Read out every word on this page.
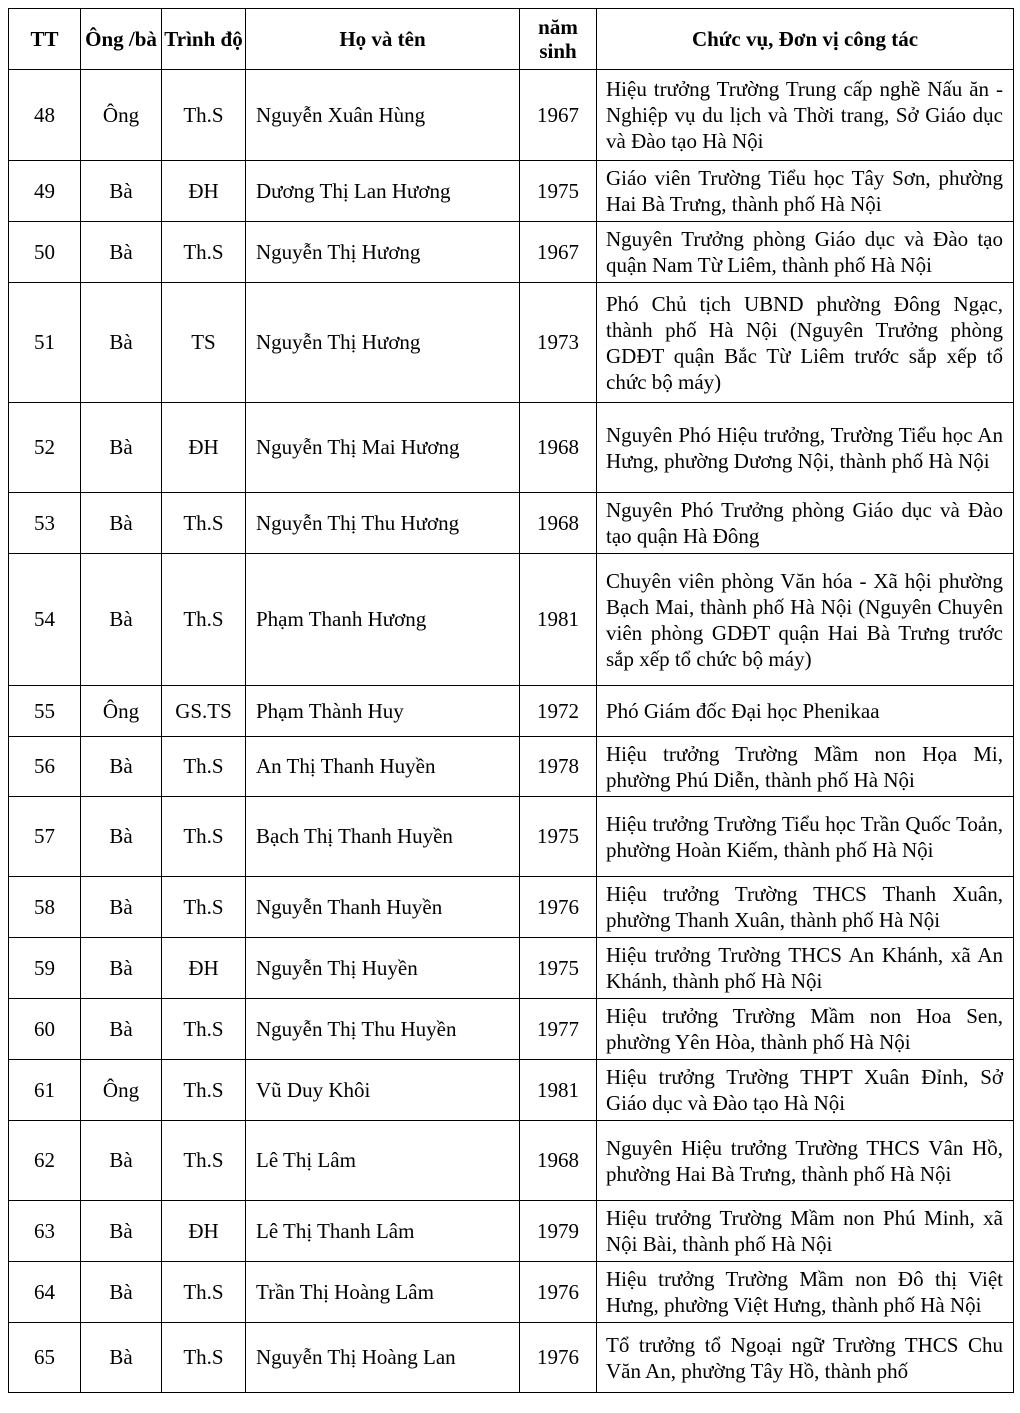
TT	Ông /bà	Trình độ	Họ và tên	năm sinh	Chức vụ, Đơn vị công tác
48	Ông	Th.S	Nguyễn Xuân Hùng	1967	Hiệu trưởng Trường Trung cấp nghề Nấu ăn - Nghiệp vụ du lịch và Thời trang, Sở Giáo dục và Đào tạo Hà Nội
49	Bà	ĐH	Dương Thị Lan Hương	1975	Giáo viên Trường Tiểu học Tây Sơn, phường Hai Bà Trưng, thành phố Hà Nội
50	Bà	Th.S	Nguyễn Thị Hương	1967	Nguyên Trưởng phòng Giáo dục và Đào tạo quận Nam Từ Liêm, thành phố Hà Nội
51	Bà	TS	Nguyễn Thị Hương	1973	Phó Chủ tịch UBND phường Đông Ngạc, thành phố Hà Nội (Nguyên Trưởng phòng GDĐT quận Bắc Từ Liêm trước sắp xếp tổ chức bộ máy)
52	Bà	ĐH	Nguyễn Thị Mai Hương	1968	Nguyên Phó Hiệu trưởng, Trường Tiểu học An Hưng, phường Dương Nội, thành phố Hà Nội
53	Bà	Th.S	Nguyễn Thị Thu Hương	1968	Nguyên Phó Trưởng phòng Giáo dục và Đào tạo quận Hà Đông
54	Bà	Th.S	Phạm Thanh Hương	1981	Chuyên viên phòng Văn hóa - Xã hội phường Bạch Mai, thành phố Hà Nội (Nguyên Chuyên viên phòng GDĐT quận Hai Bà Trưng trước sắp xếp tổ chức bộ máy)
55	Ông	GS.TS	Phạm Thành Huy	1972	Phó Giám đốc Đại học Phenikaa
56	Bà	Th.S	An Thị Thanh Huyền	1978	Hiệu trưởng Trường Mầm non Họa Mi, phường Phú Diễn, thành phố Hà Nội
57	Bà	Th.S	Bạch Thị Thanh Huyền	1975	Hiệu trưởng Trường Tiểu học Trần Quốc Toản, phường Hoàn Kiếm, thành phố Hà Nội
58	Bà	Th.S	Nguyễn Thanh Huyền	1976	Hiệu trưởng Trường THCS Thanh Xuân, phường Thanh Xuân, thành phố Hà Nội
59	Bà	ĐH	Nguyễn Thị Huyền	1975	Hiệu trưởng Trường THCS An Khánh, xã An Khánh, thành phố Hà Nội
60	Bà	Th.S	Nguyễn Thị Thu Huyền	1977	Hiệu trưởng Trường Mầm non Hoa Sen, phường Yên Hòa, thành phố Hà Nội
61	Ông	Th.S	Vũ Duy Khôi	1981	Hiệu trưởng Trường THPT Xuân Đỉnh, Sở Giáo dục và Đào tạo Hà Nội
62	Bà	Th.S	Lê Thị Lâm	1968	Nguyên Hiệu trưởng Trường THCS Vân Hồ, phường Hai Bà Trưng, thành phố Hà Nội
63	Bà	ĐH	Lê Thị Thanh Lâm	1979	Hiệu trưởng Trường Mầm non Phú Minh, xã Nội Bài, thành phố Hà Nội
64	Bà	Th.S	Trần Thị Hoàng Lâm	1976	Hiệu trưởng Trường Mầm non Đô thị Việt Hưng, phường Việt Hưng, thành phố Hà Nội
65	Bà	Th.S	Nguyễn Thị Hoàng Lan	1976	Tổ trưởng tổ Ngoại ngữ Trường THCS Chu Văn An, phường Tây Hồ, thành phố
